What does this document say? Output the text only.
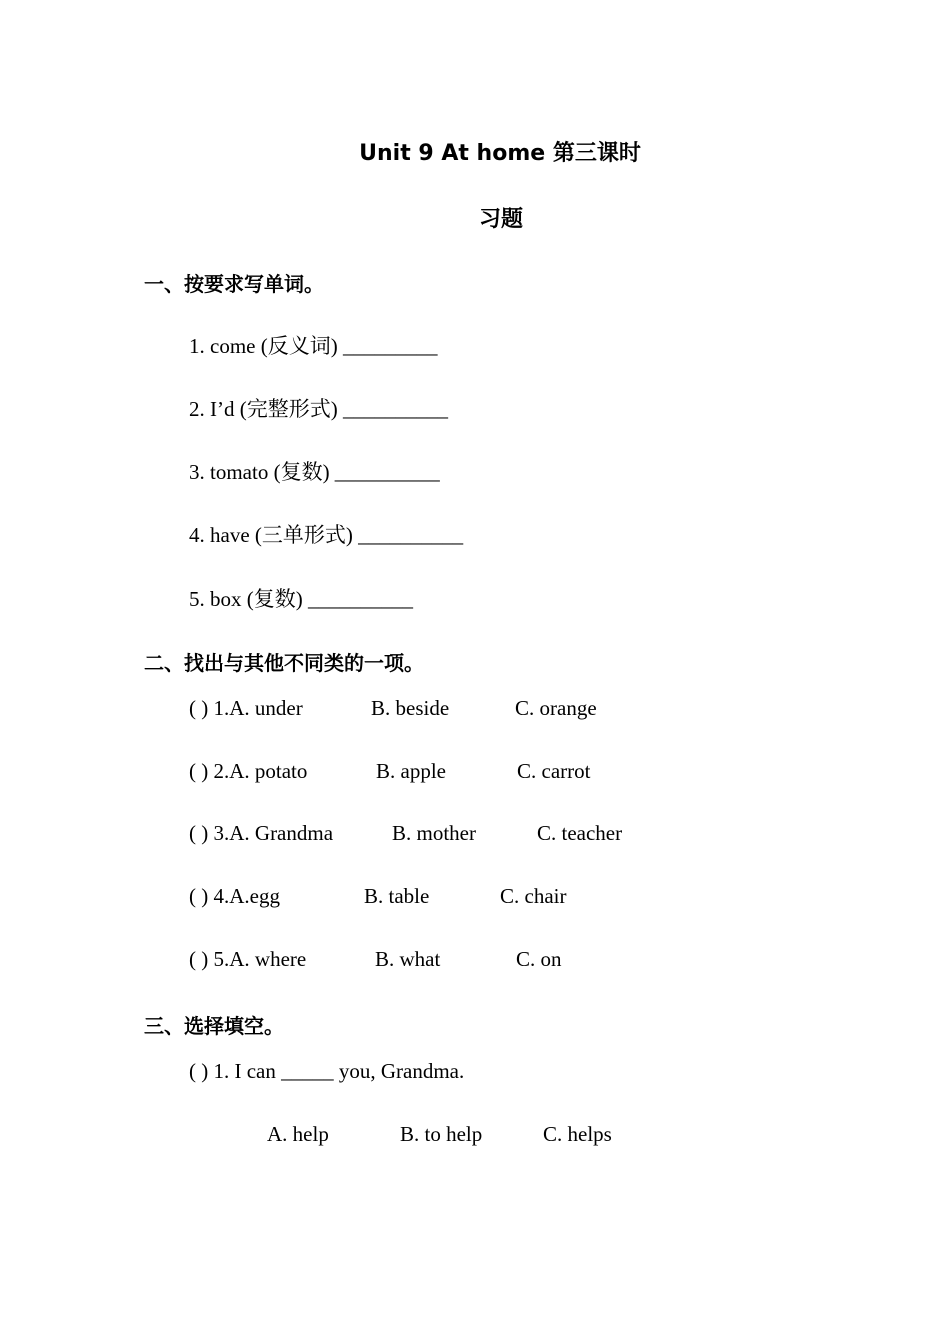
Unit 9 At home 第三课时
习题
一、按要求写单词。
1. come (反义词) _________
2. I’d (完整形式) __________
3. tomato (复数) __________
4. have (三单形式) __________
5. box (复数) __________
二、找出与其他不同类的一项。
( ) 1.A. under	B. beside	C. orange
( ) 2.A. potato	B. apple	C. carrot
( ) 3.A. Grandma	B. mother	C. teacher
( ) 4.A.egg	B. table	C. chair
( ) 5.A. where	B. what	C. on
三、选择填空。
( ) 1. I can _____ you, Grandma.
A. help	B. to help	C. helps
